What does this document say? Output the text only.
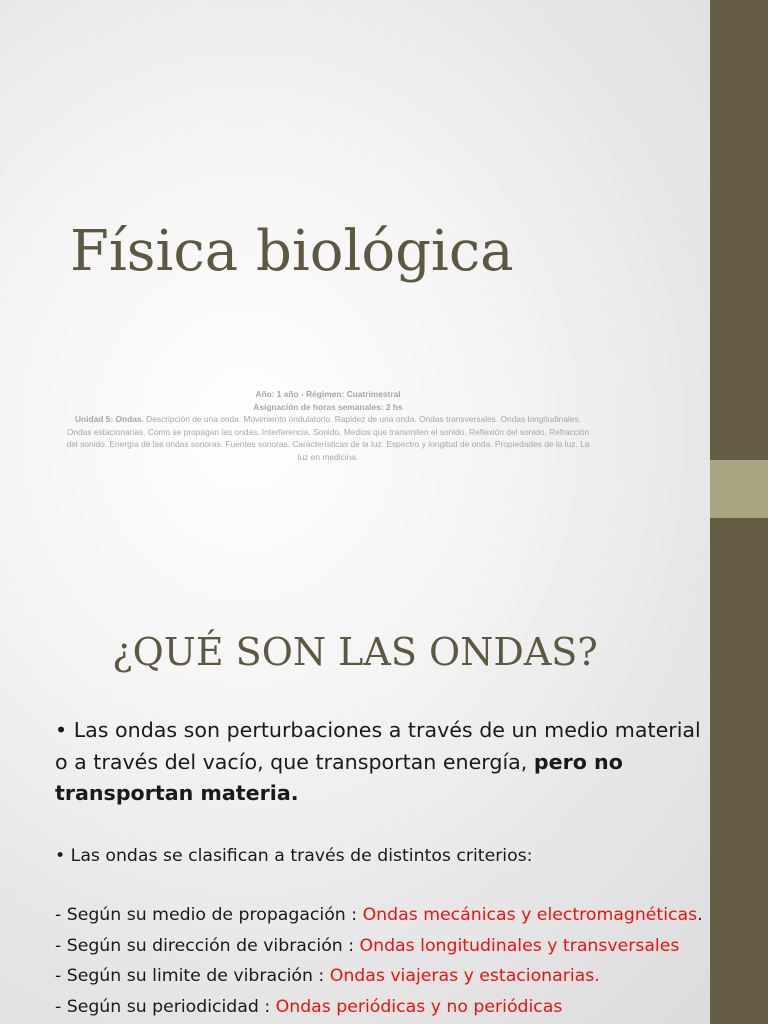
Física biológica
Año: 1 año - Régimen: Cuatrimestral
Asignación de horas semanales: 2 hs
Unidad 5: Ondas. Descripción de una onda. Movimiento ondulatorio. Rapidez de una onda. Ondas transversales. Ondas longitudinales. Ondas estacionarias. Como se propagan las ondas. Interferencia. Sonido. Medios que transmiten el sonido. Reflexión del sonido. Refracción del sonido. Energía de las ondas sonoras. Fuentes sonoras. Características de la luz. Espectro y longitud de onda. Propiedades de la luz. La luz en medicina.
¿QUÉ SON LAS ONDAS?
• Las ondas son perturbaciones a través de un medio material o a través del vacío, que transportan energía, pero no transportan materia.
• Las ondas se clasifican a través de distintos criterios:
- Según su medio de propagación : Ondas mecánicas y electromagnéticas.
- Según su dirección de vibración : Ondas longitudinales y transversales
- Según su limite de vibración : Ondas viajeras y estacionarias.
- Según su periodicidad : Ondas periódicas y no periódicas
